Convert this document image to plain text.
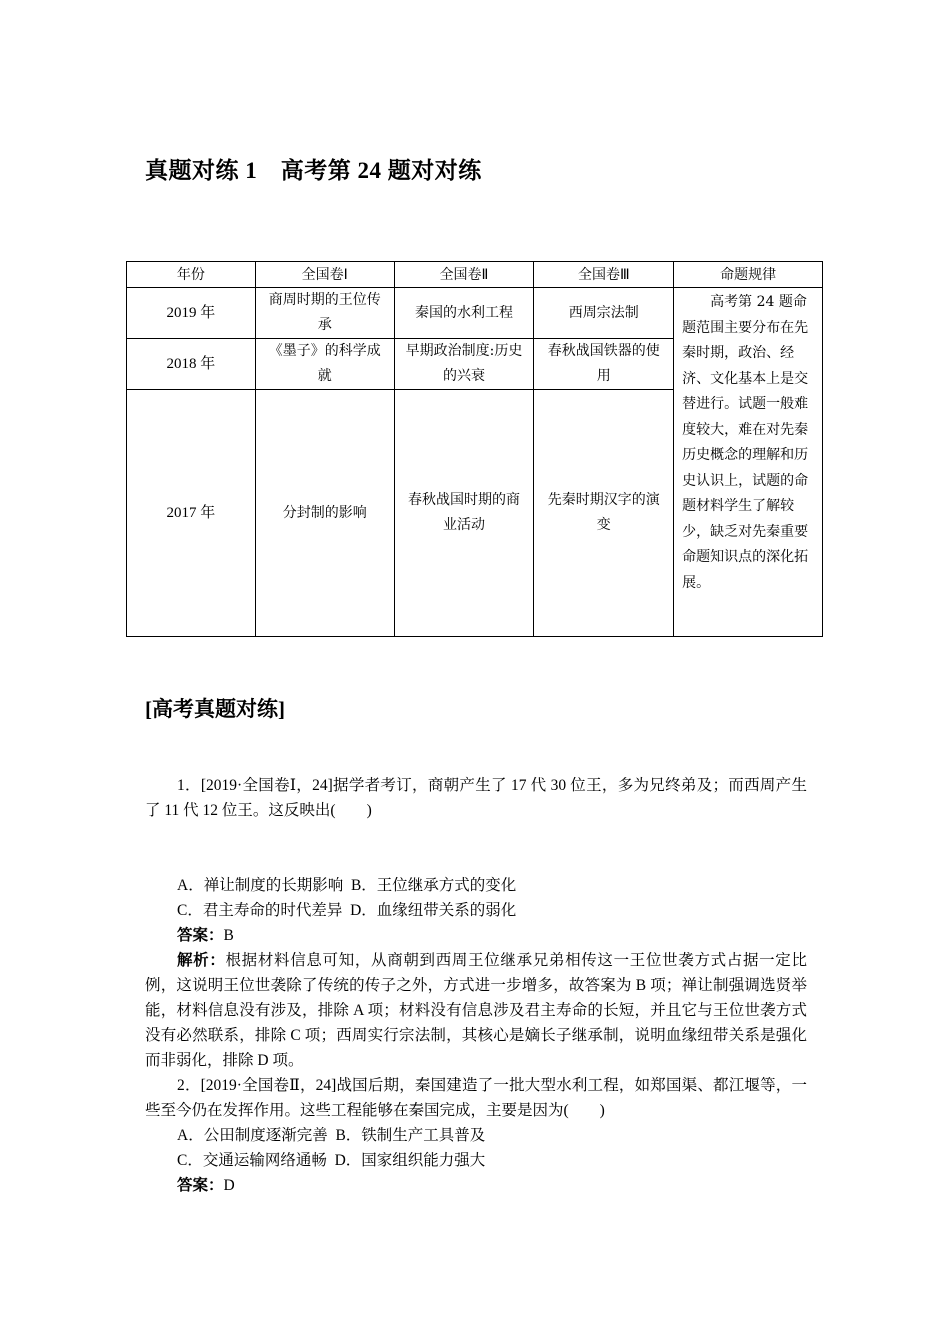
真题对练 1　高考第 24 题对对练
年份	全国卷Ⅰ	全国卷Ⅱ	全国卷Ⅲ	命题规律
2019 年	商周时期的王位传承	秦国的水利工程	西周宗法制	高考第 24 题命题范围主要分布在先秦时期，政治、经济、文化基本上是交替进行。试题一般难度较大，难在对先秦历史概念的理解和历史认识上，试题的命题材料学生了解较少，缺乏对先秦重要命题知识点的深化拓展。

2018 年	《墨子》的科学成就	早期政治制度:历史的兴衰	春秋战国铁器的使用	
2017 年	分封制的影响	春秋战国时期的商业活动	先秦时期汉字的演变	
[高考真题对练]
1．[2019·全国卷Ⅰ，24]据学者考订，商朝产生了 17 代 30 位王，多为兄终弟及；而西周产生了 11 代 12 位王。这反映出(　　)
A．禅让制度的长期影响  B．王位继承方式的变化
C．君主寿命的时代差异  D．血缘纽带关系的弱化
答案：B
解析：根据材料信息可知，从商朝到西周王位继承兄弟相传这一王位世袭方式占据一定比例，这说明王位世袭除了传统的传子之外，方式进一步增多，故答案为 B 项；禅让制强调选贤举能，材料信息没有涉及，排除 A 项；材料没有信息涉及君主寿命的长短，并且它与王位世袭方式没有必然联系，排除 C 项；西周实行宗法制，其核心是嫡长子继承制，说明血缘纽带关系是强化而非弱化，排除 D 项。
2．[2019·全国卷Ⅱ，24]战国后期，秦国建造了一批大型水利工程，如郑国渠、都江堰等，一些至今仍在发挥作用。这些工程能够在秦国完成，主要是因为(　　)
A．公田制度逐渐完善  B．铁制生产工具普及
C．交通运输网络通畅  D．国家组织能力强大
答案：D
